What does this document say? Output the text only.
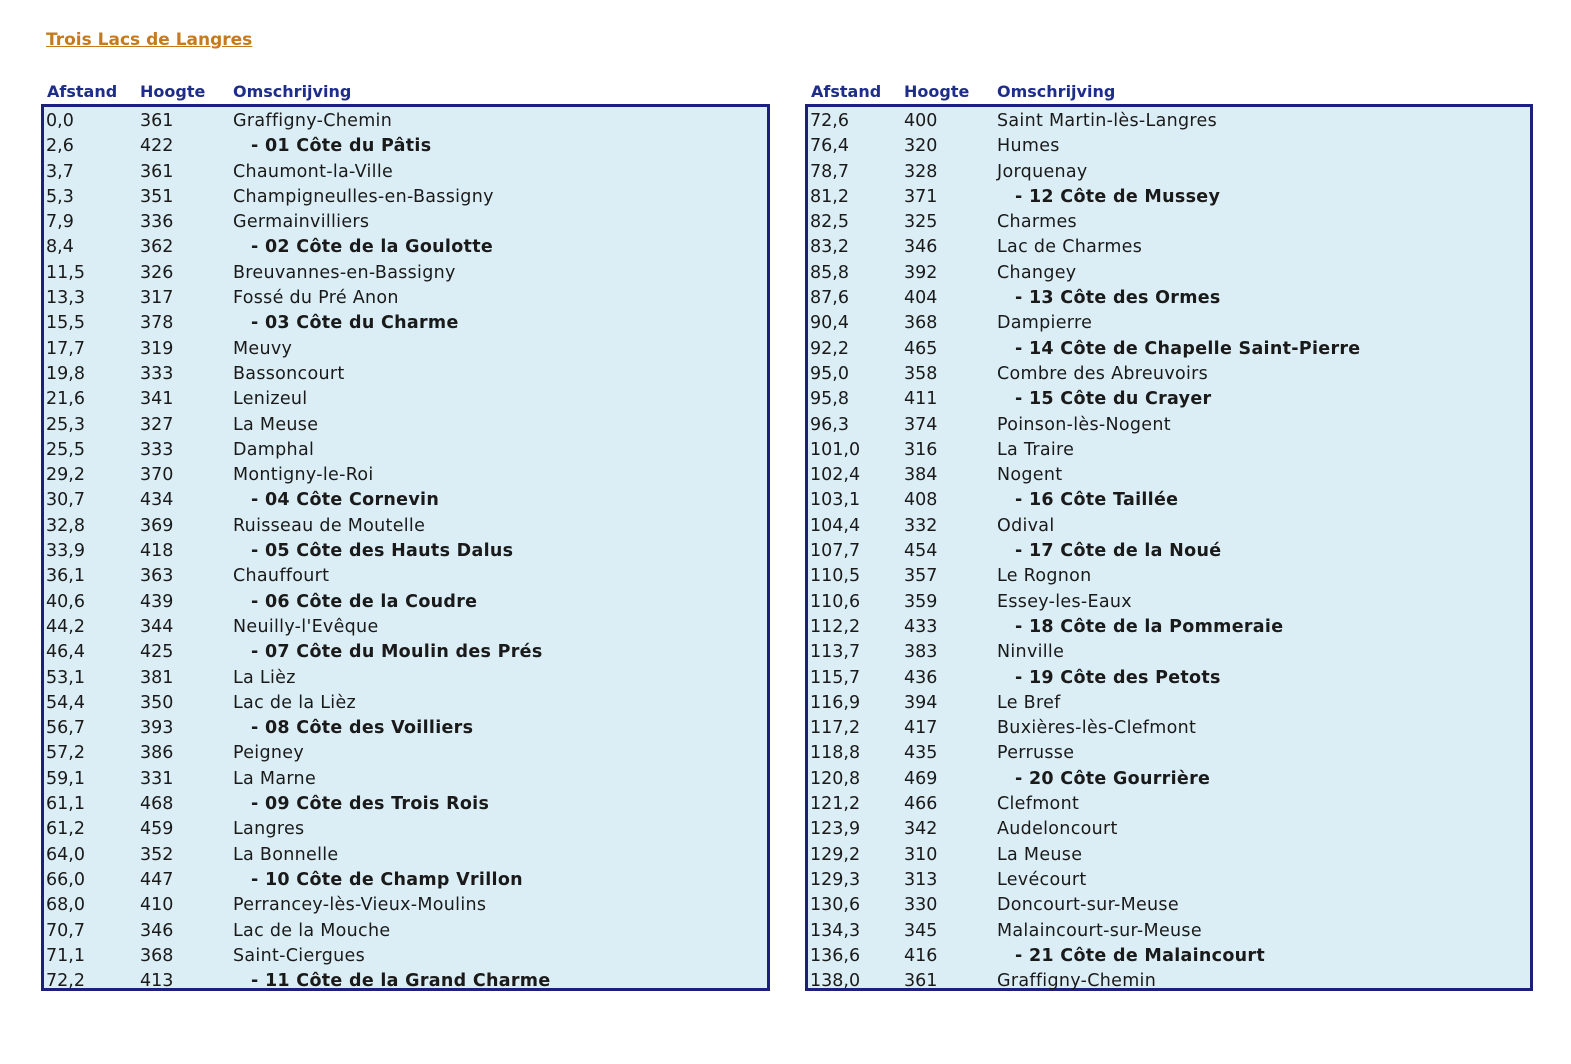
Trois Lacs de Langres
Afstand Hoogte Omschrijving
0,0	361	Graffigny-Chemin
2,6	422	- 01 Côte du Pâtis
3,7	361	Chaumont-la-Ville
5,3	351	Champigneulles-en-Bassigny
7,9	336	Germainvilliers
8,4	362	- 02 Côte de la Goulotte
11,5	326	Breuvannes-en-Bassigny
13,3	317	Fossé du Pré Anon
15,5	378	- 03 Côte du Charme
17,7	319	Meuvy
19,8	333	Bassoncourt
21,6	341	Lenizeul
25,3	327	La Meuse
25,5	333	Damphal
29,2	370	Montigny-le-Roi
30,7	434	- 04 Côte Cornevin
32,8	369	Ruisseau de Moutelle
33,9	418	- 05 Côte des Hauts Dalus
36,1	363	Chauffourt
40,6	439	- 06 Côte de la Coudre
44,2	344	Neuilly-l'Evêque
46,4	425	- 07 Côte du Moulin des Prés
53,1	381	La Lièz
54,4	350	Lac de la Lièz
56,7	393	- 08 Côte des Voilliers
57,2	386	Peigney
59,1	331	La Marne
61,1	468	- 09 Côte des Trois Rois
61,2	459	Langres
64,0	352	La Bonnelle
66,0	447	- 10 Côte de Champ Vrillon
68,0	410	Perrancey-lès-Vieux-Moulins
70,7	346	Lac de la Mouche
71,1	368	Saint-Ciergues
72,2	413	- 11 Côte de la Grand Charme
Afstand Hoogte Omschrijving
72,6	400	Saint Martin-lès-Langres
76,4	320	Humes
78,7	328	Jorquenay
81,2	371	- 12 Côte de Mussey
82,5	325	Charmes
83,2	346	Lac de Charmes
85,8	392	Changey
87,6	404	- 13 Côte des Ormes
90,4	368	Dampierre
92,2	465	- 14 Côte de Chapelle Saint-Pierre
95,0	358	Combre des Abreuvoirs
95,8	411	- 15 Côte du Crayer
96,3	374	Poinson-lès-Nogent
101,0	316	La Traire
102,4	384	Nogent
103,1	408	- 16 Côte Taillée
104,4	332	Odival
107,7	454	- 17 Côte de la Noué
110,5	357	Le Rognon
110,6	359	Essey-les-Eaux
112,2	433	- 18 Côte de la Pommeraie
113,7	383	Ninville
115,7	436	- 19 Côte des Petots
116,9	394	Le Bref
117,2	417	Buxières-lès-Clefmont
118,8	435	Perrusse
120,8	469	- 20 Côte Gourrière
121,2	466	Clefmont
123,9	342	Audeloncourt
129,2	310	La Meuse
129,3	313	Levécourt
130,6	330	Doncourt-sur-Meuse
134,3	345	Malaincourt-sur-Meuse
136,6	416	- 21 Côte de Malaincourt
138,0	361	Graffigny-Chemin
